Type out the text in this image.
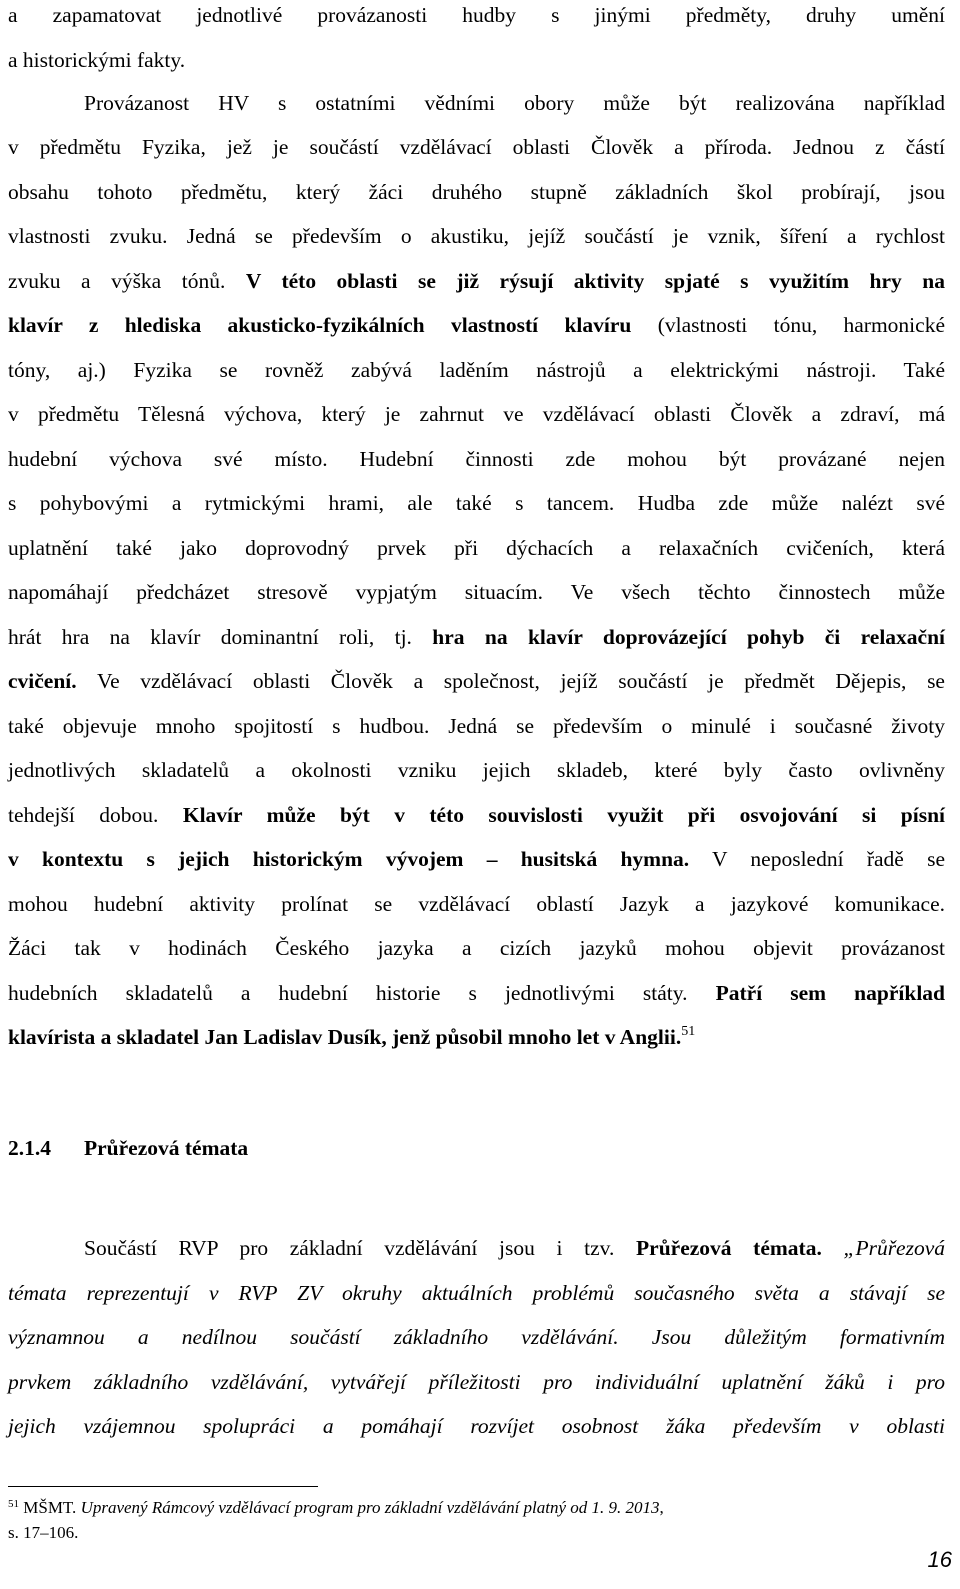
a zapamatovat jednotlivé provázanosti hudby s jinými předměty, druhy umění
a historickými fakty.
Provázanost HV s ostatními vědními obory může být realizována například
v předmětu Fyzika, jež je součástí vzdělávací oblasti Člověk a příroda. Jednou z částí
obsahu tohoto předmětu, který žáci druhého stupně základních škol probírají, jsou
vlastnosti zvuku. Jedná se především o akustiku, jejíž součástí je vznik, šíření a rychlost
zvuku a výška tónů. V této oblasti se již rýsují aktivity spjaté s využitím hry na
klavír z hlediska akusticko-fyzikálních vlastností klavíru (vlastnosti tónu, harmonické
tóny, aj.) Fyzika se rovněž zabývá laděním nástrojů a elektrickými nástroji. Také
v předmětu Tělesná výchova, který je zahrnut ve vzdělávací oblasti Člověk a zdraví, má
hudební výchova své místo. Hudební činnosti zde mohou být provázané nejen
s pohybovými a rytmickými hrami, ale také s tancem. Hudba zde může nalézt své
uplatnění také jako doprovodný prvek při dýchacích a relaxačních cvičeních, která
napomáhají předcházet stresově vypjatým situacím. Ve všech těchto činnostech může
hrát hra na klavír dominantní roli, tj. hra na klavír doprovázející pohyb či relaxační
cvičení. Ve vzdělávací oblasti Člověk a společnost, jejíž součástí je předmět Dějepis, se
také objevuje mnoho spojitostí s hudbou. Jedná se především o minulé i současné životy
jednotlivých skladatelů a okolnosti vzniku jejich skladeb, které byly často ovlivněny
tehdejší dobou. Klavír může být v této souvislosti využit při osvojování si písní
v kontextu s jejich historickým vývojem – husitská hymna. V neposlední řadě se
mohou hudební aktivity prolínat se vzdělávací oblastí Jazyk a jazykové komunikace.
Žáci tak v hodinách Českého jazyka a cizích jazyků mohou objevit provázanost
hudebních skladatelů a hudební historie s jednotlivými státy. Patří sem například
klavírista a skladatel Jan Ladislav Dusík, jenž působil mnoho let v Anglii.$^{51}$
2.1.4 Průřezová témata
Součástí RVP pro základní vzdělávání jsou i tzv. Průřezová témata. „Průřezová
témata reprezentují v RVP ZV okruhy aktuálních problémů současného světa a stávají se
významnou a nedílnou součástí základního vzdělávání. Jsou důležitým formativním
prvkem základního vzdělávání, vytvářejí příležitosti pro individuální uplatnění žáků i pro
jejich vzájemnou spolupráci a pomáhají rozvíjet osobnost žáka především v oblasti
$^{51}$ MŠMT. Upravený Rámcový vzdělávací program pro základní vzdělávání platný od 1. 9. 2013,
s. 17–106.
16
